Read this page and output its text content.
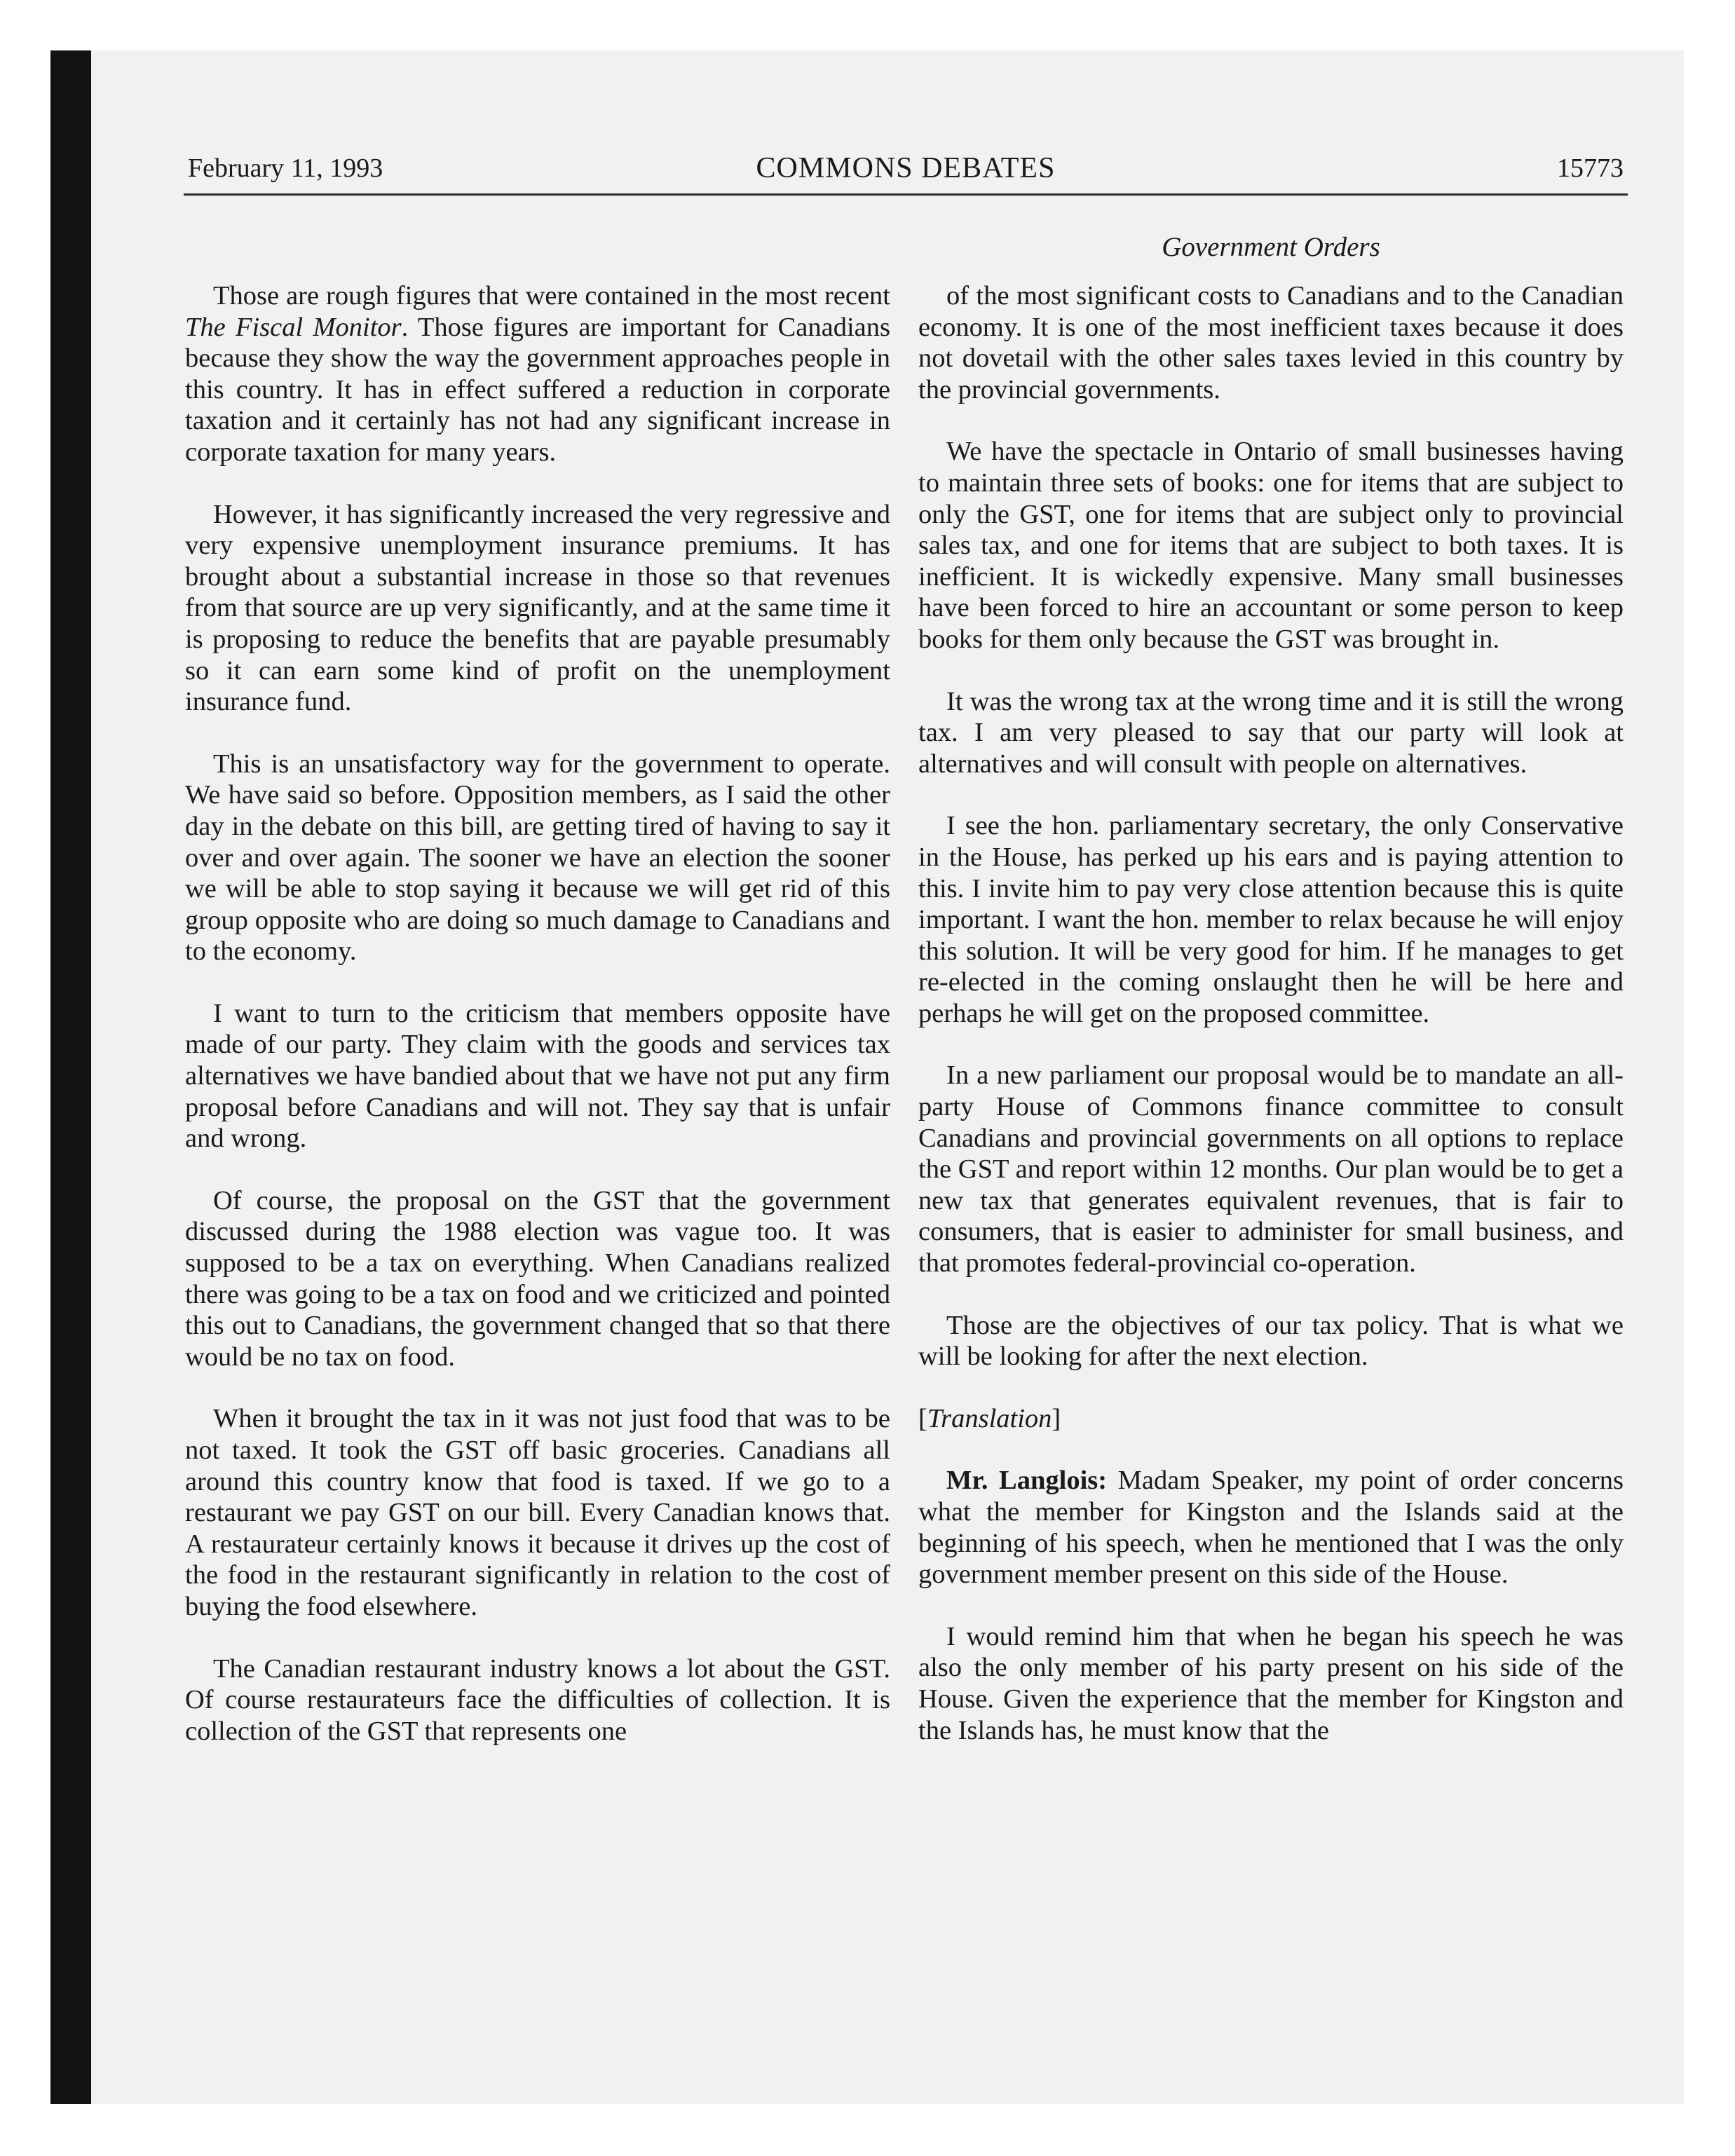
February 11, 1993	COMMONS DEBATES	15773
Government Orders

Those are rough figures that were contained in the most recent The Fiscal Monitor. Those figures are important for Canadians because they show the way the government approaches people in this country. It has in effect suffered a reduction in corporate taxation and it certainly has not had any significant increase in corporate taxation for many years.

However, it has significantly increased the very regressive and very expensive unemployment insurance premiums. It has brought about a substantial increase in those so that revenues from that source are up very significantly, and at the same time it is proposing to reduce the benefits that are payable presumably so it can earn some kind of profit on the unemployment insurance fund.

This is an unsatisfactory way for the government to operate. We have said so before. Opposition members, as I said the other day in the debate on this bill, are getting tired of having to say it over and over again. The sooner we have an election the sooner we will be able to stop saying it because we will get rid of this group opposite who are doing so much damage to Canadians and to the economy.

I want to turn to the criticism that members opposite have made of our party. They claim with the goods and services tax alternatives we have bandied about that we have not put any firm proposal before Canadians and will not. They say that is unfair and wrong.

Of course, the proposal on the GST that the government discussed during the 1988 election was vague too. It was supposed to be a tax on everything. When Canadians realized there was going to be a tax on food and we criticized and pointed this out to Canadians, the government changed that so that there would be no tax on food.

When it brought the tax in it was not just food that was to be not taxed. It took the GST off basic groceries. Canadians all around this country know that food is taxed. If we go to a restaurant we pay GST on our bill. Every Canadian knows that. A restaurateur certainly knows it because it drives up the cost of the food in the restaurant significantly in relation to the cost of buying the food elsewhere.

The Canadian restaurant industry knows a lot about the GST. Of course restaurateurs face the difficulties of collection. It is collection of the GST that represents one

of the most significant costs to Canadians and to the Canadian economy. It is one of the most inefficient taxes because it does not dovetail with the other sales taxes levied in this country by the provincial governments.

We have the spectacle in Ontario of small businesses having to maintain three sets of books: one for items that are subject to only the GST, one for items that are subject only to provincial sales tax, and one for items that are subject to both taxes. It is inefficient. It is wickedly expensive. Many small businesses have been forced to hire an accountant or some person to keep books for them only because the GST was brought in.

It was the wrong tax at the wrong time and it is still the wrong tax. I am very pleased to say that our party will look at alternatives and will consult with people on alternatives.

I see the hon. parliamentary secretary, the only Conservative in the House, has perked up his ears and is paying attention to this. I invite him to pay very close attention because this is quite important. I want the hon. member to relax because he will enjoy this solution. It will be very good for him. If he manages to get re-elected in the coming onslaught then he will be here and perhaps he will get on the proposed committee.

In a new parliament our proposal would be to mandate an all-party House of Commons finance committee to consult Canadians and provincial governments on all options to replace the GST and report within 12 months. Our plan would be to get a new tax that generates equivalent revenues, that is fair to consumers, that is easier to administer for small business, and that promotes federal-provincial co-operation.

Those are the objectives of our tax policy. That is what we will be looking for after the next election.

[ Translation ]

Mr. Langlois: Madam Speaker, my point of order concerns what the member for Kingston and the Islands said at the beginning of his speech, when he mentioned that I was the only government member present on this side of the House.

I would remind him that when he began his speech he was also the only member of his party present on his side of the House. Given the experience that the member for Kingston and the Islands has, he must know that the
